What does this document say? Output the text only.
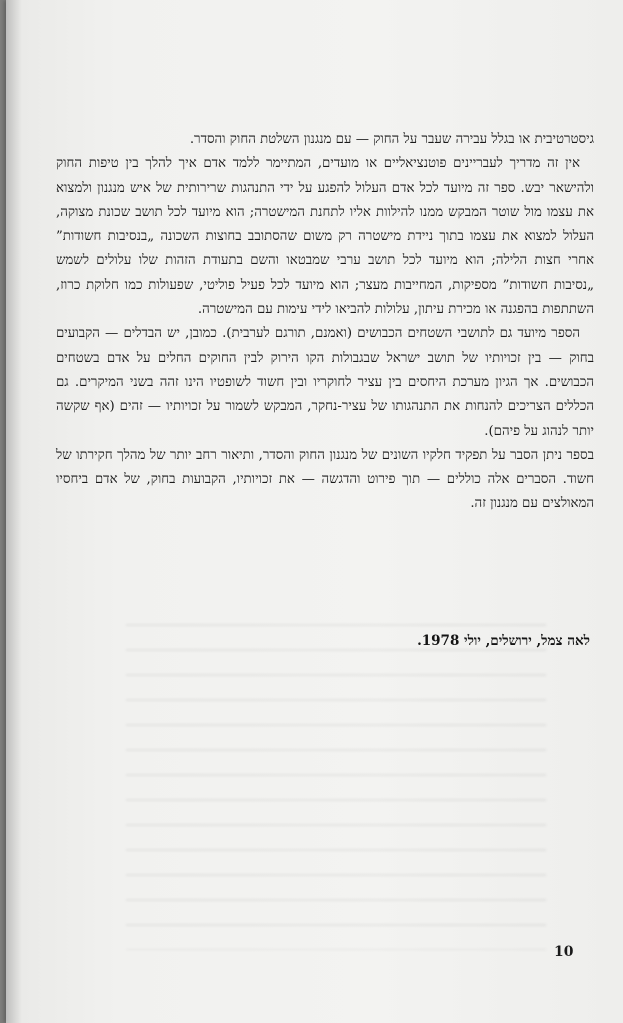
גיסטרטיבית או בגלל עבירה שעבר על החוק — עם מנגנון השלטת החוק והסדר.

אין זה מדריך לעבריינים פוטנציאליים או מועדים, המתיימר ללמד אדם איך להלך בין טיפות החוק ולהישאר יבש. ספר זה מיועד לכל אדם העלול להפגע על ידי התנהגות שרירותית של איש מנגנון ולמצוא את עצמו מול שוטר המבקש ממנו להילוות אליו לתחנת המישטרה; הוא מיועד לכל תושב שכונת מצוקה, העלול למצוא את עצמו בתוך ניידת מישטרה רק משום שהסתובב בחוצות השכונה „בנסיבות חשודות” אחרי חצות הלילה; הוא מיועד לכל תושב ערבי שמבטאו והשם בתעודת הזהות שלו עלולים לשמש „נסיבות חשודות” מספיקות, המחייבות מעצר; הוא מיועד לכל פעיל פוליטי, שפעולות כמו חלוקת כרוז, השתתפות בהפגנה או מכירת עיתון, עלולות להביאו לידי עימות עם המישטרה.

הספר מיועד גם לתושבי השטחים הכבושים (ואמנם, תורגם לערבית). כמובן, יש הבדלים — הקבועים בחוק — בין זכויותיו של תושב ישראל שבגבולות הקו הירוק לבין החוקים החלים על אדם בשטחים הכבושים. אך הגיון מערכת היחסים בין עציר לחוקריו ובין חשוד לשופטיו הינו זהה בשני המיקרים. גם הכללים הצריכים להנחות את התנהגותו של עציר-נחקר, המבקש לשמור על זכויותיו — זהים (אף שקשה יותר לנהוג על פיהם).

בספר ניתן הסבר על תפקיד חלקיו השונים של מנגנון החוק והסדר, ותיאור רחב יותר של מהלך חקירתו של חשוד. הסברים אלה כוללים — תוך פירוט והדגשה — את זכויותיו, הקבועות בחוק, של אדם ביחסיו המאולצים עם מנגנון זה.

לאה צמל, ירושלים, יולי 1978.
10
